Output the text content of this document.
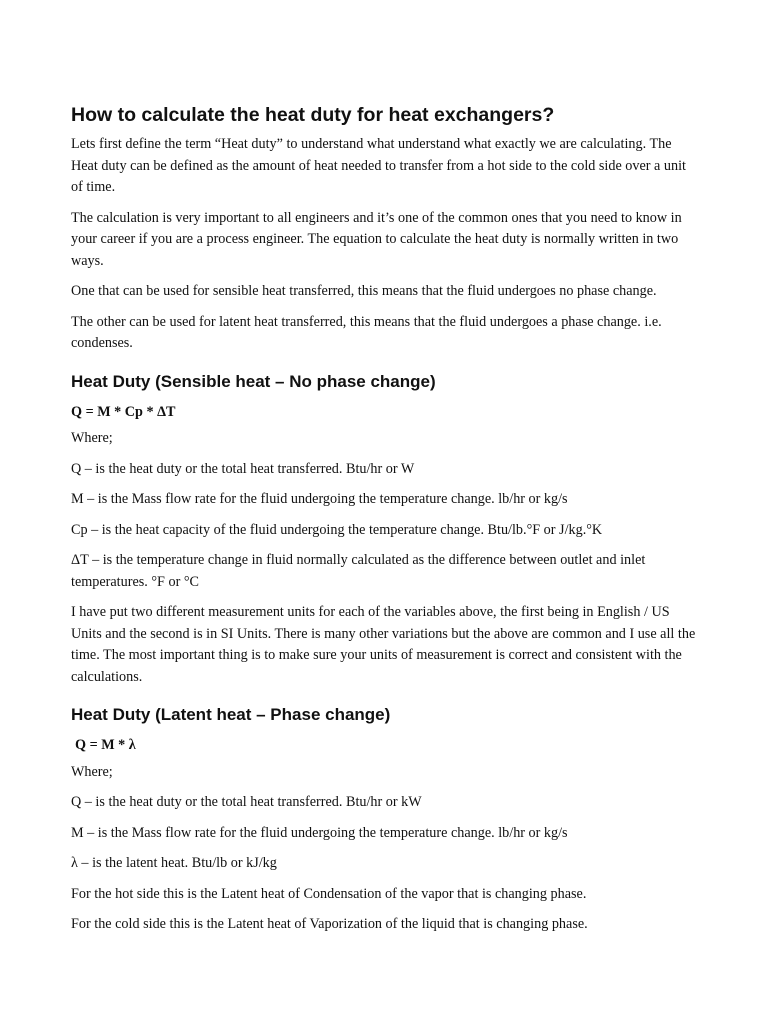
How to calculate the heat duty for heat exchangers?

Lets first define the term “Heat duty” to understand what understand what exactly we are calculating. The Heat duty can be defined as the amount of heat needed to transfer from a hot side to the cold side over a unit of time.

The calculation is very important to all engineers and it’s one of the common ones that you need to know in your career if you are a process engineer. The equation to calculate the heat duty is normally written in two ways.

One that can be used for sensible heat transferred, this means that the fluid undergoes no phase change.

The other can be used for latent heat transferred, this means that the fluid undergoes a phase change. i.e. condenses.

Heat Duty (Sensible heat – No phase change)

Q = M * Cp * ΔT

Where;

Q – is the heat duty or the total heat transferred. Btu/hr or W

M – is the Mass flow rate for the fluid undergoing the temperature change. lb/hr or kg/s

Cp – is the heat capacity of the fluid undergoing the temperature change. Btu/lb.°F or J/kg.°K

ΔT – is the temperature change in fluid normally calculated as the difference between outlet and inlet temperatures. °F or °C

I have put two different measurement units for each of the variables above, the first being in English / US Units and the second is in SI Units. There is many other variations but the above are common and I use all the time. The most important thing is to make sure your units of measurement is correct and consistent with the calculations.

Heat Duty (Latent heat – Phase change)

Q = M * λ

Where;

Q – is the heat duty or the total heat transferred. Btu/hr or kW

M – is the Mass flow rate for the fluid undergoing the temperature change. lb/hr or kg/s

λ – is the latent heat. Btu/lb or kJ/kg

For the hot side this is the Latent heat of Condensation of the vapor that is changing phase.

For the cold side this is the Latent heat of Vaporization of the liquid that is changing phase.
